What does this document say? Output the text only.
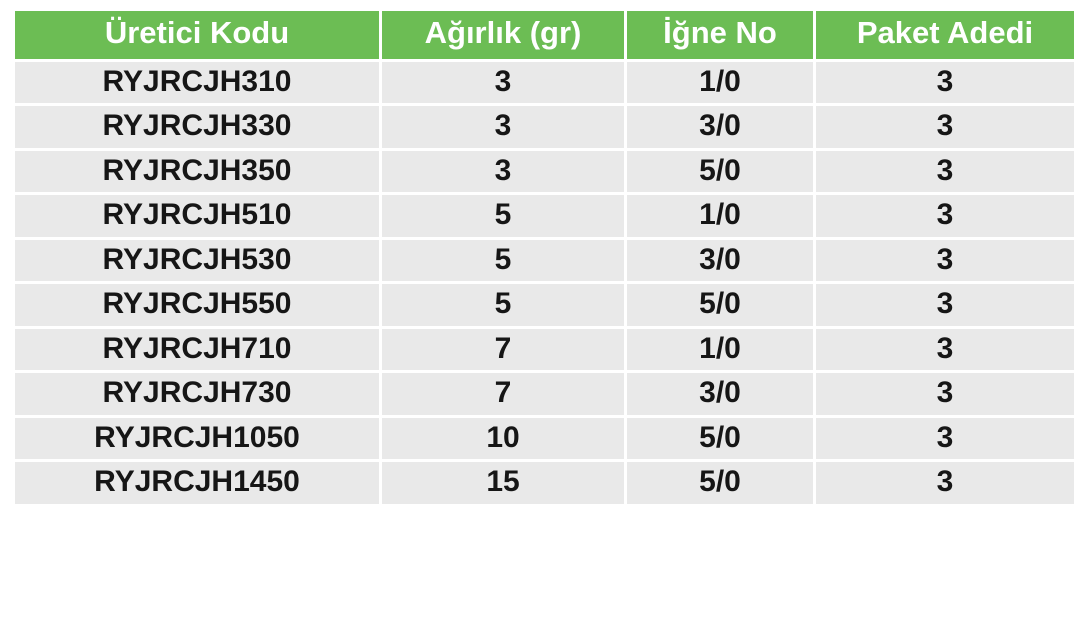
Üretici Kodu	Ağırlık (gr)	İğne No	Paket Adedi
RYJRCJH310	3	1/0	3
RYJRCJH330	3	3/0	3
RYJRCJH350	3	5/0	3
RYJRCJH510	5	1/0	3
RYJRCJH530	5	3/0	3
RYJRCJH550	5	5/0	3
RYJRCJH710	7	1/0	3
RYJRCJH730	7	3/0	3
RYJRCJH1050	10	5/0	3
RYJRCJH1450	15	5/0	3
